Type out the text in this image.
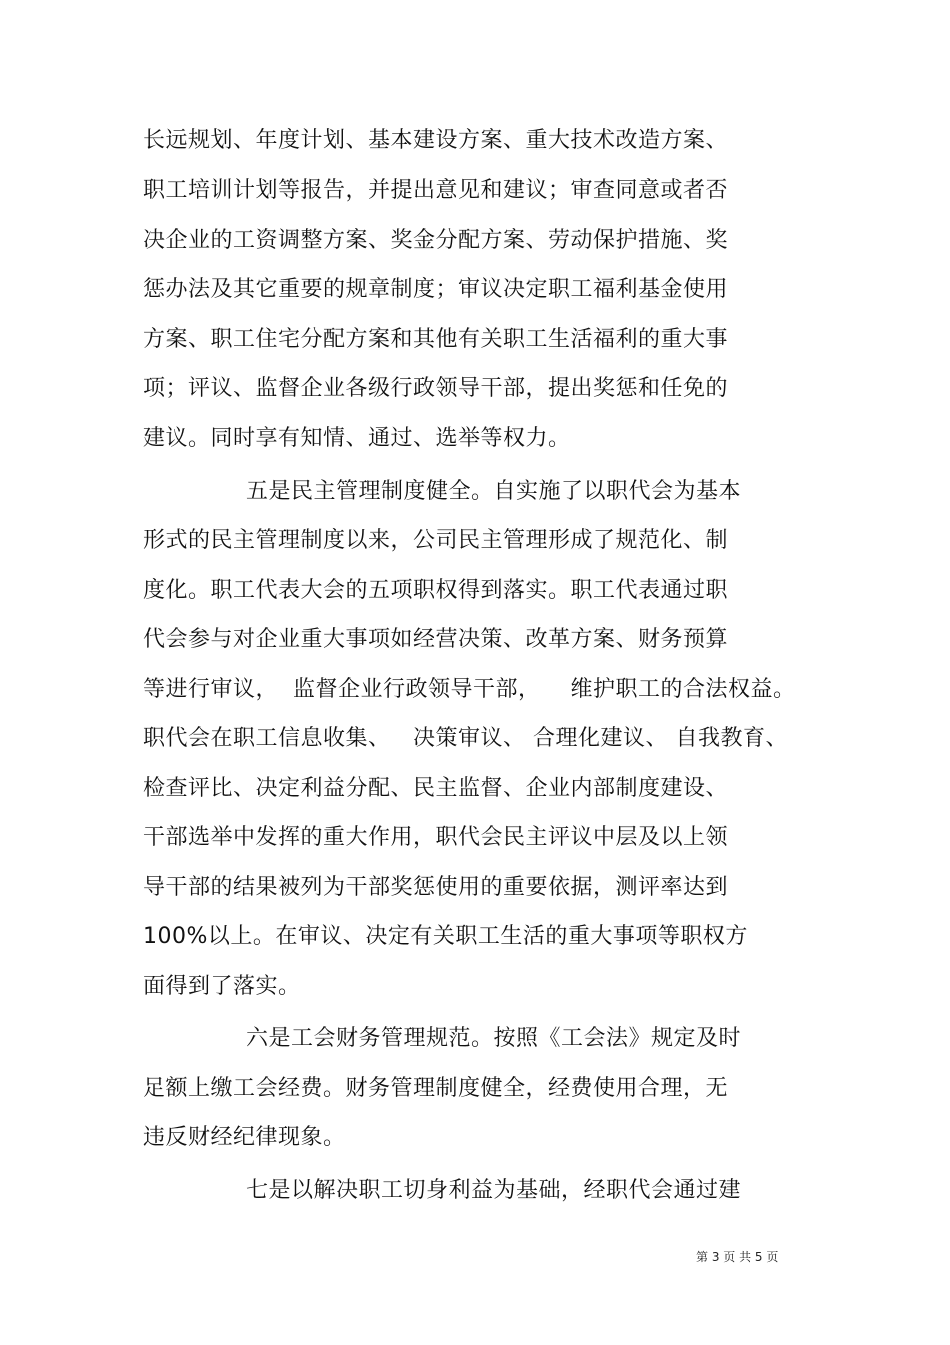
长远规划、年度计划、基本建设方案、重大技术改造方案、
职工培训计划等报告，并提出意见和建议；审查同意或者否
决企业的工资调整方案、奖金分配方案、劳动保护措施、奖
惩办法及其它重要的规章制度；审议决定职工福利基金使用
方案、职工住宅分配方案和其他有关职工生活福利的重大事
项；评议、监督企业各级行政领导干部，提出奖惩和任免的
建议。同时享有知情、通过、选举等权力。
五是民主管理制度健全。自实施了以职代会为基本
形式的民主管理制度以来，公司民主管理形成了规范化、制
度化。职工代表大会的五项职权得到落实。职工代表通过职
代会参与对企业重大事项如经营决策、改革方案、财务预算
等进行审议，  监督企业行政领导干部，    维护职工的合法权益。
职代会在职工信息收集、   决策审议、 合理化建议、 自我教育、
检查评比、决定利益分配、民主监督、企业内部制度建设、
干部选举中发挥的重大作用，职代会民主评议中层及以上领
导干部的结果被列为干部奖惩使用的重要依据，测评率达到
100%以上。在审议、决定有关职工生活的重大事项等职权方
面得到了落实。
六是工会财务管理规范。按照《工会法》规定及时
足额上缴工会经费。财务管理制度健全，经费使用合理，无
违反财经纪律现象。
七是以解决职工切身利益为基础，经职代会通过建
第 3 页 共 5 页
